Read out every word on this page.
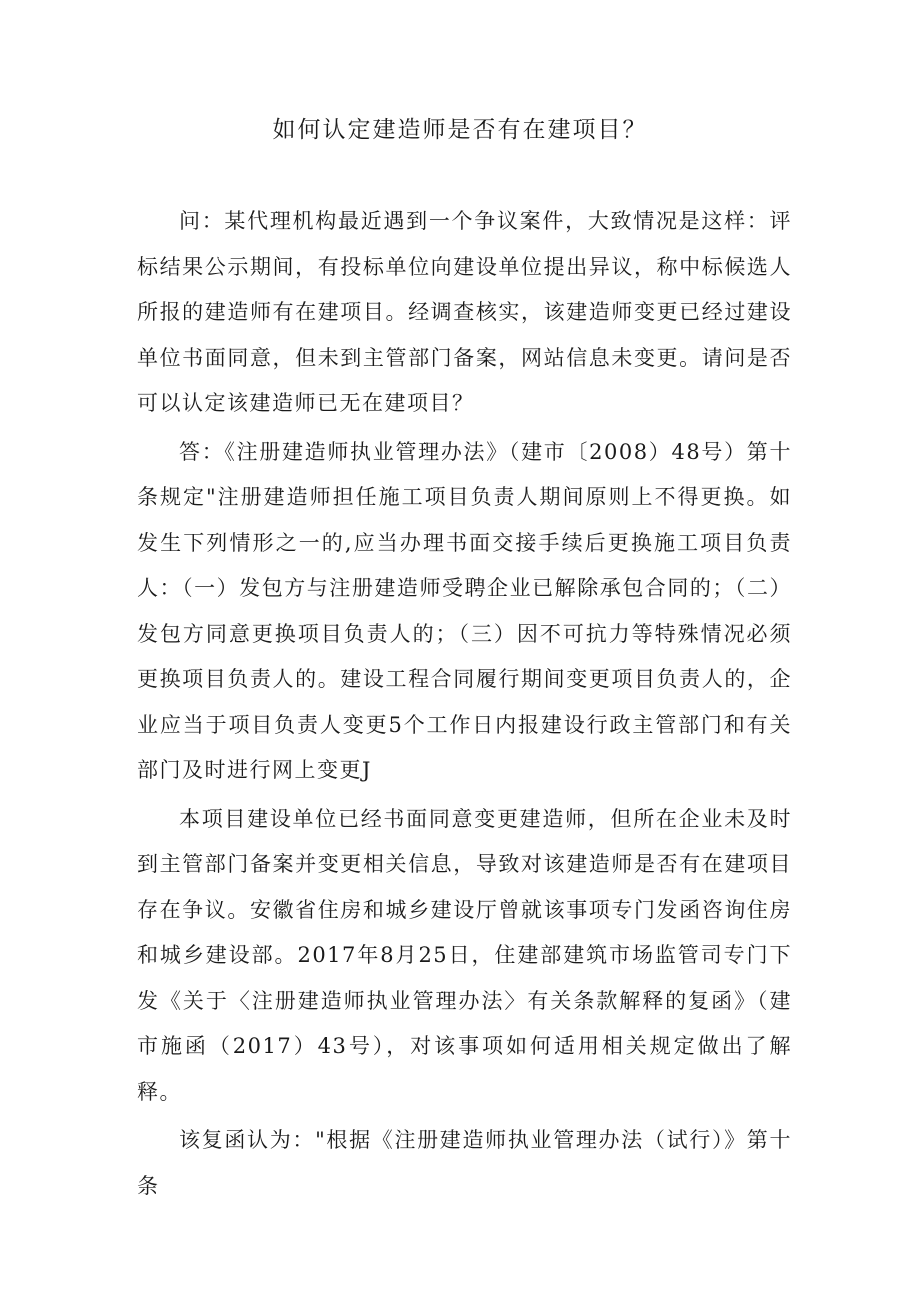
如何认定建造师是否有在建项目？

问：某代理机构最近遇到一个争议案件，大致情况是这样：评标结果公示期间，有投标单位向建设单位提出异议，称中标候选人所报的建造师有在建项目。经调查核实，该建造师变更已经过建设单位书面同意，但未到主管部门备案，网站信息未变更。请问是否可以认定该建造师已无在建项目？

答：《注册建造师执业管理办法》（建市〔2008）48号）第十条规定"注册建造师担任施工项目负责人期间原则上不得更换。如发生下列情形之一的,应当办理书面交接手续后更换施工项目负责人：（一）发包方与注册建造师受聘企业已解除承包合同的；（二）发包方同意更换项目负责人的；（三）因不可抗力等特殊情况必须更换项目负责人的。建设工程合同履行期间变更项目负责人的，企业应当于项目负责人变更5个工作日内报建设行政主管部门和有关部门及时进行网上变更J

本项目建设单位已经书面同意变更建造师，但所在企业未及时到主管部门备案并变更相关信息，导致对该建造师是否有在建项目存在争议。安徽省住房和城乡建设厅曾就该事项专门发函咨询住房和城乡建设部。2017年8月25日，住建部建筑市场监管司专门下发《关于〈注册建造师执业管理办法〉有关条款解释的复函》（建市施函（2017）43号），对该事项如何适用相关规定做出了解释。

该复函认为："根据《注册建造师执业管理办法（试行）》第十条
